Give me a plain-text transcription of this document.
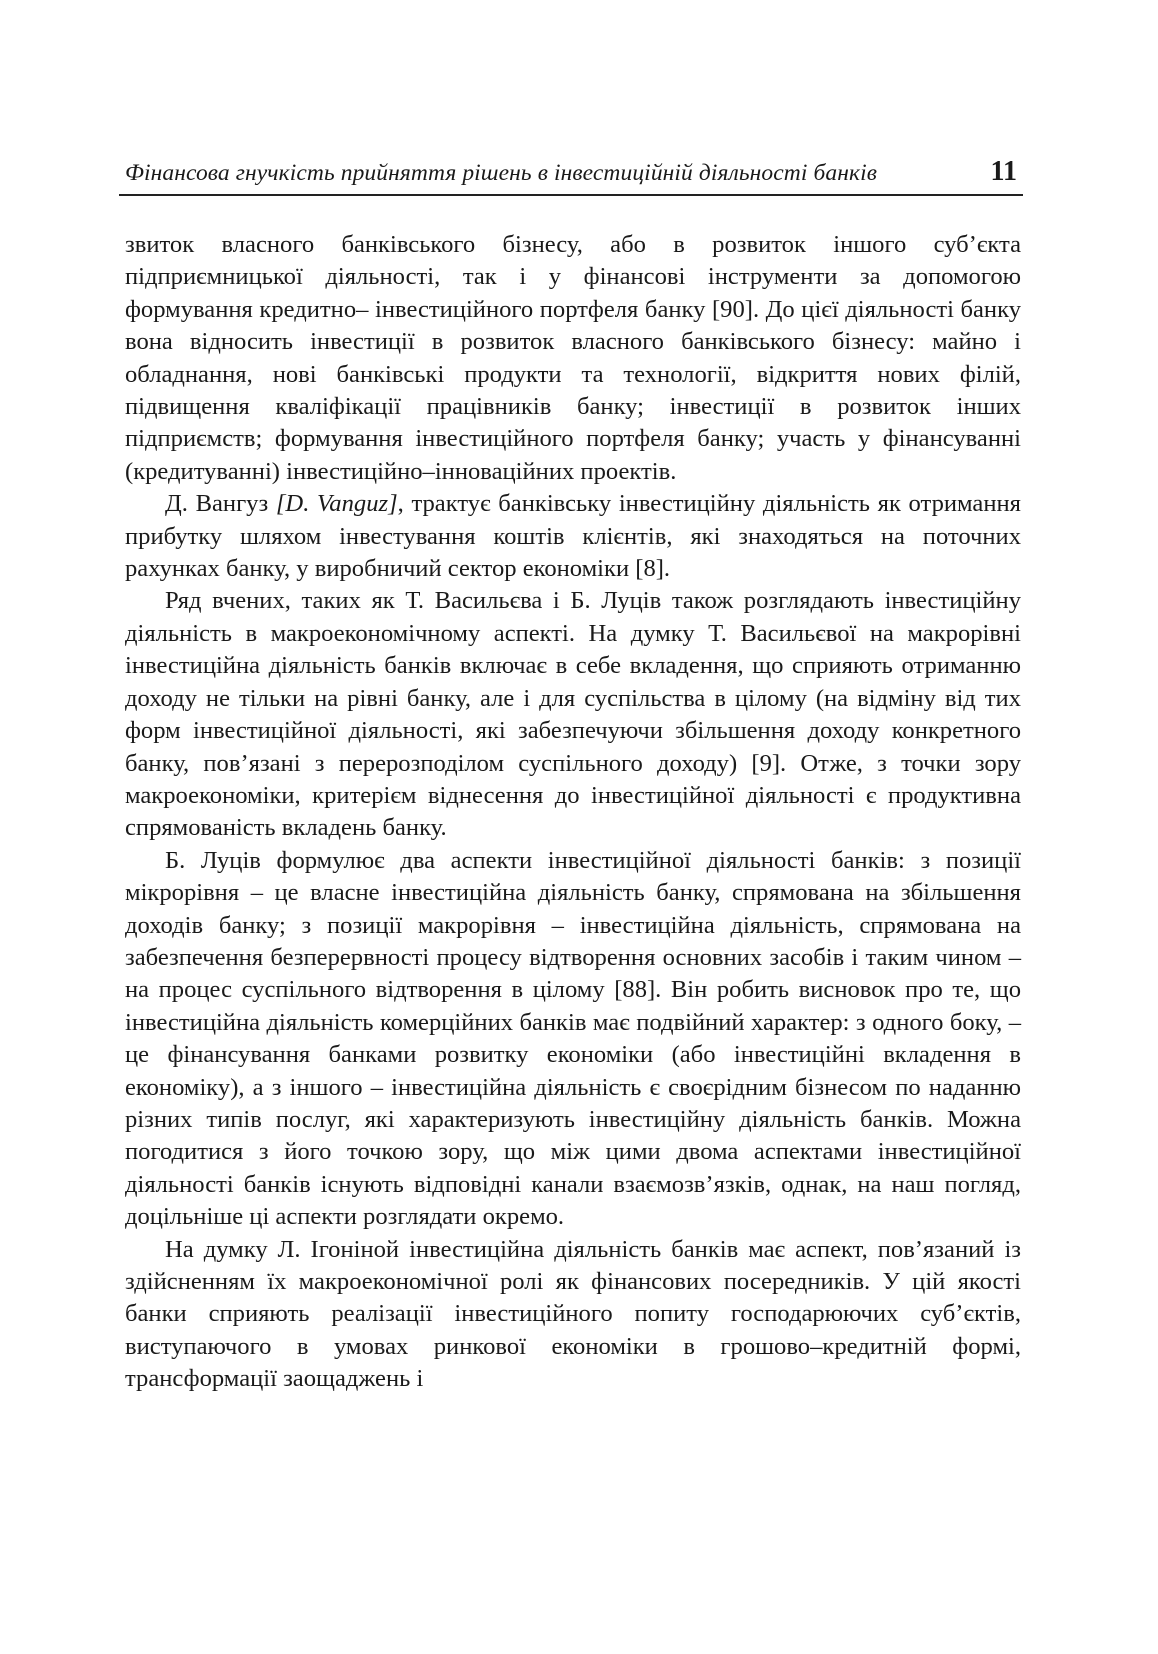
Фінансова гнучкість прийняття рішень в інвестиційній діяльності банків	11

звиток власного банківського бізнесу, або в розвиток іншого суб’єкта підприємницької діяльності, так і у фінансові інструменти за допомогою формування кредитно– інвестиційного портфеля банку [90]. До цієї діяльності банку вона відносить інвестиції в розвиток власного банківського бізнесу: майно і обладнання, нові банківські продукти та технології, відкриття нових філій, підвищення кваліфікації працівників банку; інвестиції в розвиток інших підприємств; формування інвестиційного портфеля банку; участь у фінансуванні (кредитуванні) інвестиційно–інноваційних проектів.

Д. Вангуз [D. Vanguz], трактує банківську інвестиційну діяльність як отримання прибутку шляхом інвестування коштів клієнтів, які знаходяться на поточних рахунках банку, у виробничий сектор економіки [8].

Ряд вчених, таких як Т. Васильєва і Б. Луців також розглядають інвестиційну діяльність в макроекономічному аспекті. На думку Т. Васильєвої на макрорівні інвестиційна діяльність банків включає в себе вкладення, що сприяють отриманню доходу не тільки на рівні банку, але і для суспільства в цілому (на відміну від тих форм інвестиційної діяльності, які забезпечуючи збільшення доходу конкретного банку, пов’язані з перерозподілом суспільного доходу) [9]. Отже, з точки зору макроекономіки, критерієм віднесення до інвестиційної діяльності є продуктивна спрямованість вкладень банку.

Б. Луців формулює два аспекти інвестиційної діяльності банків: з позиції мікрорівня – це власне інвестиційна діяльність банку, спрямована на збільшення доходів банку; з позиції макрорівня – інвестиційна діяльність, спрямована на забезпечення безперервності процесу відтворення основних засобів і таким чином – на процес суспільного відтворення в цілому [88]. Він робить висновок про те, що інвестиційна діяльність комерційних банків має подвійний характер: з одного боку, – це фінансування банками розвитку економіки (або інвестиційні вкладення в економіку), а з іншого – інвестиційна діяльність є своєрідним бізнесом по наданню різних типів послуг, які характеризують інвестиційну діяльність банків. Можна погодитися з його точкою зору, що між цими двома аспектами інвестиційної діяльності банків існують відповідні канали взаємозв’язків, однак, на наш погляд, доцільніше ці аспекти розглядати окремо.

На думку Л. Ігоніной інвестиційна діяльність банків має аспект, пов’язаний із здійсненням їх макроекономічної ролі як фінансових посередників. У цій якості банки сприяють реалізації інвестиційного попиту господарюючих суб’єктів, виступаючого в умовах ринкової економіки в грошово–кредитній формі, трансформації заощаджень і
